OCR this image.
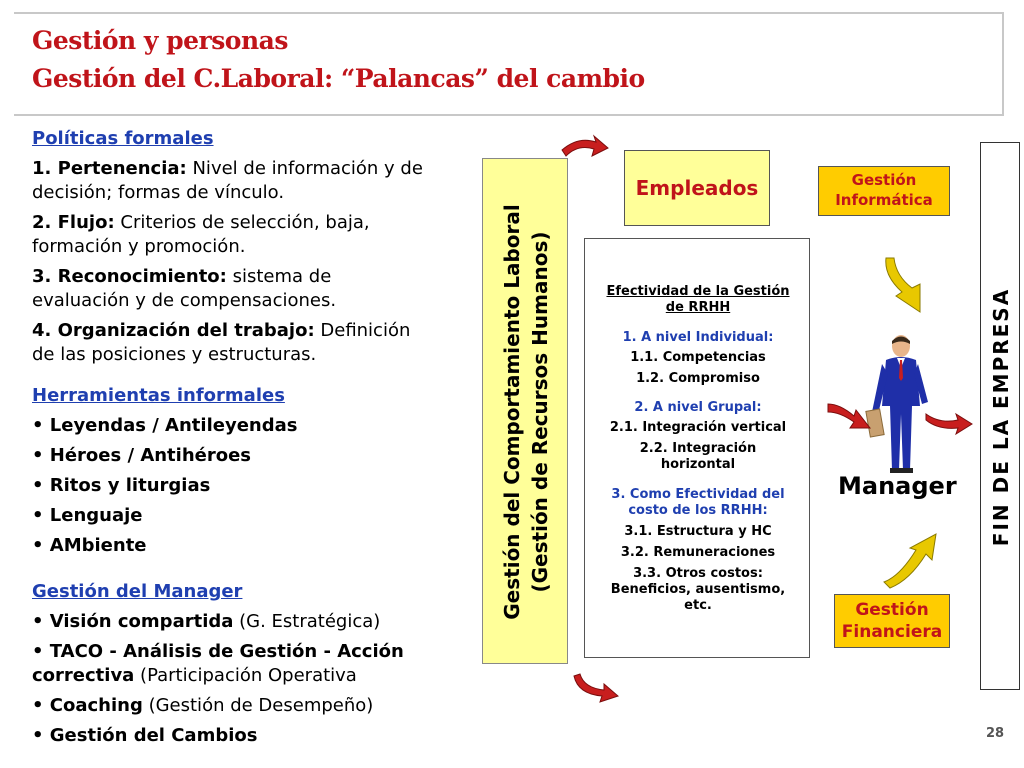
Gestión y personas
Gestión del C.Laboral: “Palancas” del cambio
Políticas formales
1. Pertenencia: Nivel de información y de
decisión; formas de vínculo.
2. Flujo: Criterios de selección, baja,
formación y promoción.
3. Reconocimiento: sistema de
evaluación y de compensaciones.
4. Organización del trabajo: Definición
de las posiciones y estructuras.
Herramientas informales
• Leyendas / Antileyendas
• Héroes / Antihéroes
• Ritos y liturgias
• Lenguaje
• AMbiente
Gestión del Manager
• Visión compartida (G. Estratégica)
• TACO - Análisis de Gestión - Acción
correctiva (Participación Operativa
• Coaching (Gestión de Desempeño)
• Gestión del Cambios
Gestión del Comportamiento Laboral (Gestión de Recursos Humanos)
Empleados
Efectividad de la Gestión
de RRHH
1. A nivel Individual:
1.1. Competencias
1.2. Compromiso
2. A nivel Grupal:
2.1. Integración vertical
2.2. Integración
horizontal
3. Como Efectividad del
costo de los RRHH:
3.1. Estructura y HC
3.2. Remuneraciones
3.3. Otros costos:
Beneficios, ausentismo,
etc.
Gestión
Informática
Gestión
Financiera
FIN DE LA EMPRESA
Manager
28
